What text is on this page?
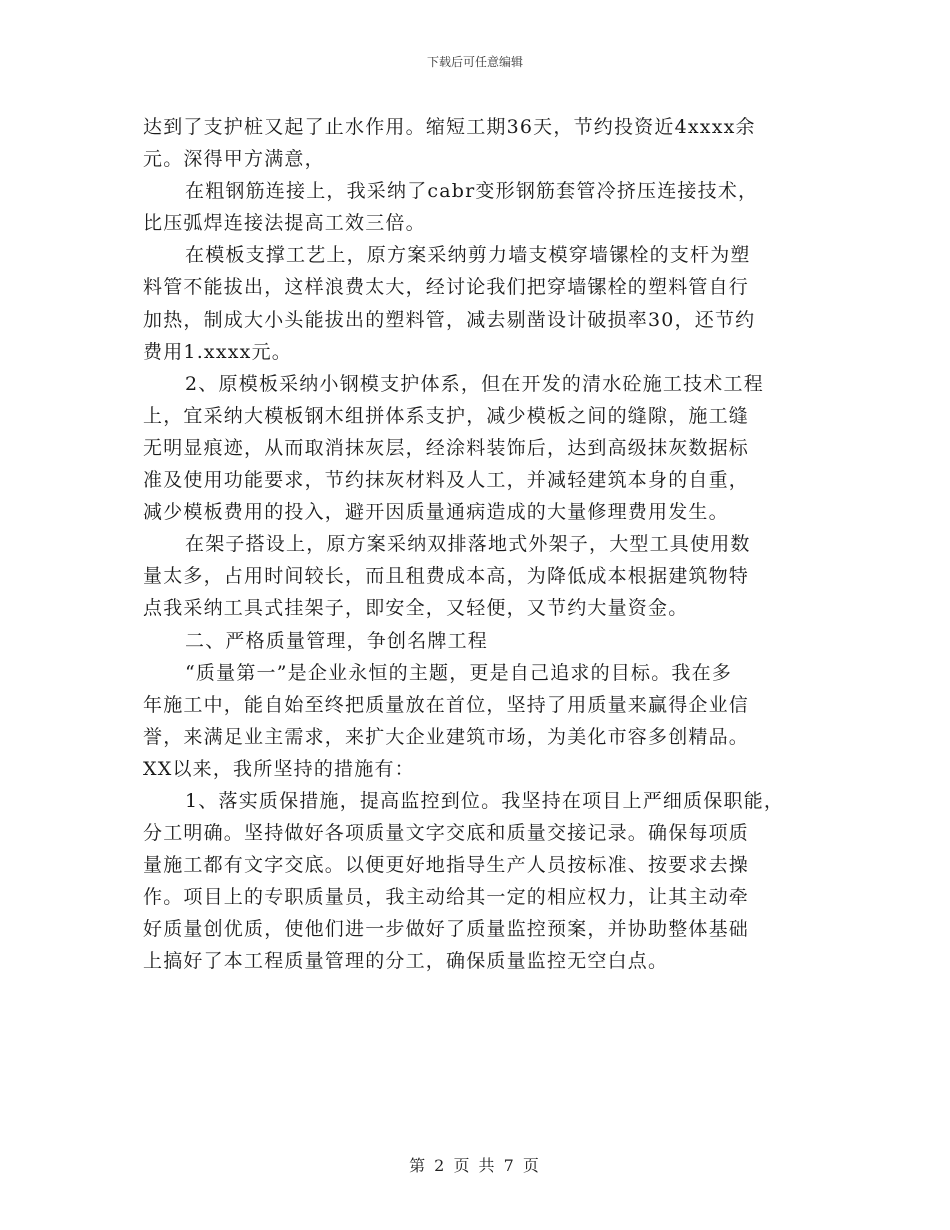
下载后可任意编辑
达到了支护桩又起了止水作用。缩短工期36天，节约投资近4xxxx余
元。深得甲方满意，
在粗钢筋连接上，我采纳了cabr变形钢筋套管冷挤压连接技术，
比压弧焊连接法提高工效三倍。
在模板支撑工艺上，原方案采纳剪力墙支模穿墙镙栓的支杆为塑
料管不能拔出，这样浪费太大，经讨论我们把穿墙镙栓的塑料管自行
加热，制成大小头能拔出的塑料管，减去剔凿设计破损率30，还节约
费用1.xxxx元。
2、原模板采纳小钢模支护体系，但在开发的清水砼施工技术工程
上，宜采纳大模板钢木组拼体系支护，减少模板之间的缝隙，施工缝
无明显痕迹，从而取消抹灰层，经涂料装饰后，达到高级抹灰数据标
准及使用功能要求，节约抹灰材料及人工，并减轻建筑本身的自重，
减少模板费用的投入，避开因质量通病造成的大量修理费用发生。
在架子搭设上，原方案采纳双排落地式外架子，大型工具使用数
量太多，占用时间较长，而且租费成本高，为降低成本根据建筑物特
点我采纳工具式挂架子，即安全，又轻便，又节约大量资金。
二、严格质量管理，争创名牌工程
“质量第一”是企业永恒的主题，更是自己追求的目标。我在多
年施工中，能自始至终把质量放在首位，坚持了用质量来赢得企业信
誉，来满足业主需求，来扩大企业建筑市场，为美化市容多创精品。
XX以来，我所坚持的措施有：
1、落实质保措施，提高监控到位。我坚持在项目上严细质保职能，
分工明确。坚持做好各项质量文字交底和质量交接记录。确保每项质
量施工都有文字交底。以便更好地指导生产人员按标准、按要求去操
作。项目上的专职质量员，我主动给其一定的相应权力，让其主动牵
好质量创优质，使他们进一步做好了质量监控预案，并协助整体基础
上搞好了本工程质量管理的分工，确保质量监控无空白点。
第 2 页 共 7 页
